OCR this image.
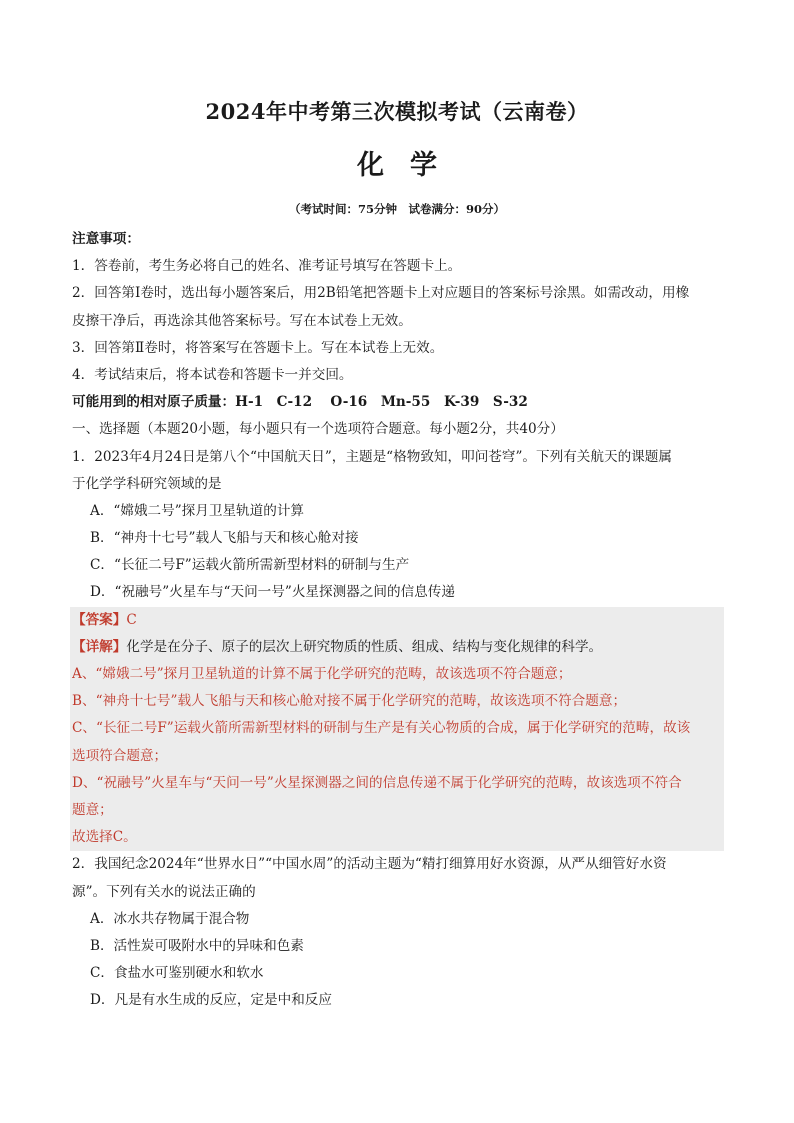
2024年中考第三次模拟考试（云南卷）
化学
（考试时间：75分钟　试卷满分：90分）
注意事项：
1．答卷前，考生务必将自己的姓名、准考证号填写在答题卡上。
2．回答第Ⅰ卷时，选出每小题答案后，用2B铅笔把答题卡上对应题目的答案标号涂黑。如需改动，用橡
皮擦干净后，再选涂其他答案标号。写在本试卷上无效。
3．回答第Ⅱ卷时，将答案写在答题卡上。写在本试卷上无效。
4．考试结束后，将本试卷和答题卡一并交回。
可能用到的相对原子质量：H-1　C-12　 O-16　Mn-55　K-39　S-32
一、选择题（本题20小题，每小题只有一个选项符合题意。每小题2分，共40分）
1．2023年4月24日是第八个“中国航天日”，主题是“格物致知，叩问苍穹”。下列有关航天的课题属
于化学学科研究领域的是
A．“嫦娥二号”探月卫星轨道的计算
B．“神舟十七号”载人飞船与天和核心舱对接
C．“长征二号F”运载火箭所需新型材料的研制与生产
D．“祝融号”火星车与“天问一号”火星探测器之间的信息传递
【答案】C
【详解】化学是在分子、原子的层次上研究物质的性质、组成、结构与变化规律的科学。
A、“嫦娥二号”探月卫星轨道的计算不属于化学研究的范畴，故该选项不符合题意；
B、“神舟十七号”载人飞船与天和核心舱对接不属于化学研究的范畴，故该选项不符合题意；
C、“长征二号F”运载火箭所需新型材料的研制与生产是有关心物质的合成，属于化学研究的范畴，故该
选项符合题意；
D、“祝融号”火星车与“天问一号”火星探测器之间的信息传递不属于化学研究的范畴，故该选项不符合
题意；
故选择C。
2．我国纪念2024年“世界水日”“中国水周”的活动主题为“精打细算用好水资源，从严从细管好水资
源”。下列有关水的说法正确的
A．冰水共存物属于混合物
B．活性炭可吸附水中的异味和色素
C．食盐水可鉴别硬水和软水
D．凡是有水生成的反应，定是中和反应
